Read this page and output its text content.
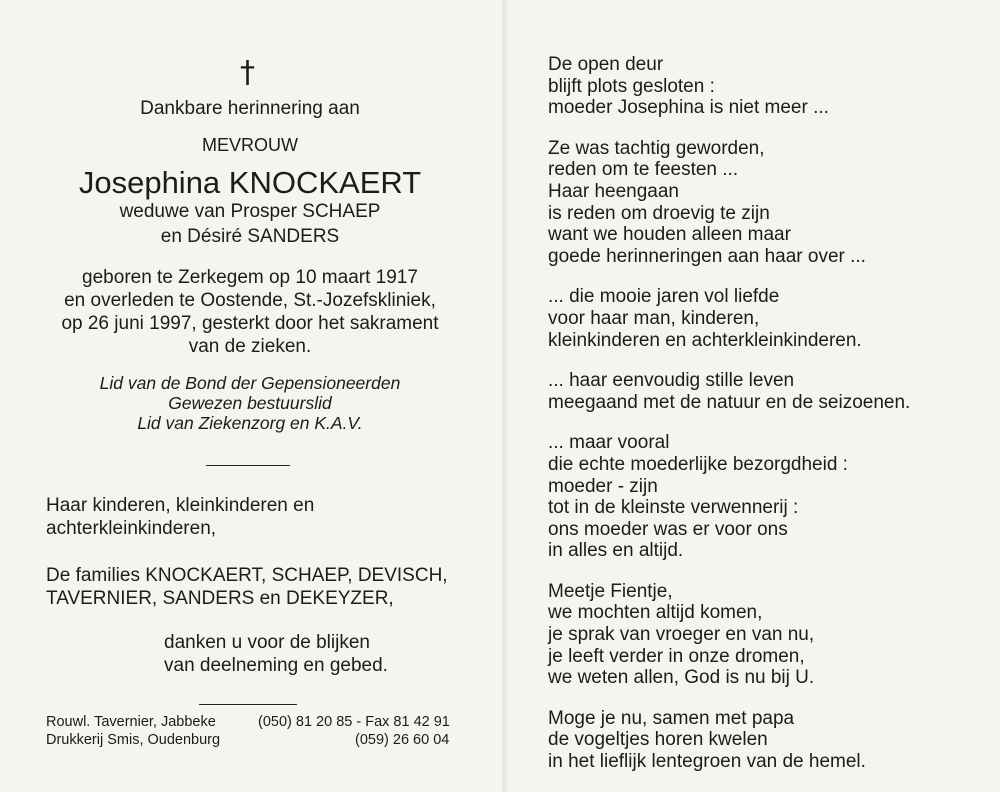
†
Dankbare herinnering aan
MEVROUW
Josephina KNOCKAERT
weduwe van Prosper SCHAEP
en Désiré SANDERS
geboren te Zerkegem op 10 maart 1917
en overleden te Oostende, St.-Jozefskliniek,
op 26 juni 1997, gesterkt door het sakrament
van de zieken.
Lid van de Bond der Gepensioneerden
Gewezen bestuurslid
Lid van Ziekenzorg en K.A.V.
Haar kinderen, kleinkinderen en
achterkleinkinderen,
De families KNOCKAERT, SCHAEP, DEVISCH,
TAVERNIER, SANDERS en DEKEYZER,
danken u voor de blijken
van deelneming en gebed.
Rouwl. Tavernier, Jabbeke	(050) 81 20 85 - Fax 81 42 91
Drukkerij Smis, Oudenburg	(059) 26 60 04
De open deur
blijft plots gesloten :
moeder Josephina is niet meer ...
Ze was tachtig geworden,
reden om te feesten ...
Haar heengaan
is reden om droevig te zijn
want we houden alleen maar
goede herinneringen aan haar over ...
... die mooie jaren vol liefde
voor haar man, kinderen,
kleinkinderen en achterkleinkinderen.
... haar eenvoudig stille leven
meegaand met de natuur en de seizoenen.
... maar vooral
die echte moederlijke bezorgdheid :
moeder - zijn
tot in de kleinste verwennerij :
ons moeder was er voor ons
in alles en altijd.
Meetje Fientje,
we mochten altijd komen,
je sprak van vroeger en van nu,
je leeft verder in onze dromen,
we weten allen, God is nu bij U.
Moge je nu, samen met papa
de vogeltjes horen kwelen
in het lieflijk lentegroen van de hemel.
